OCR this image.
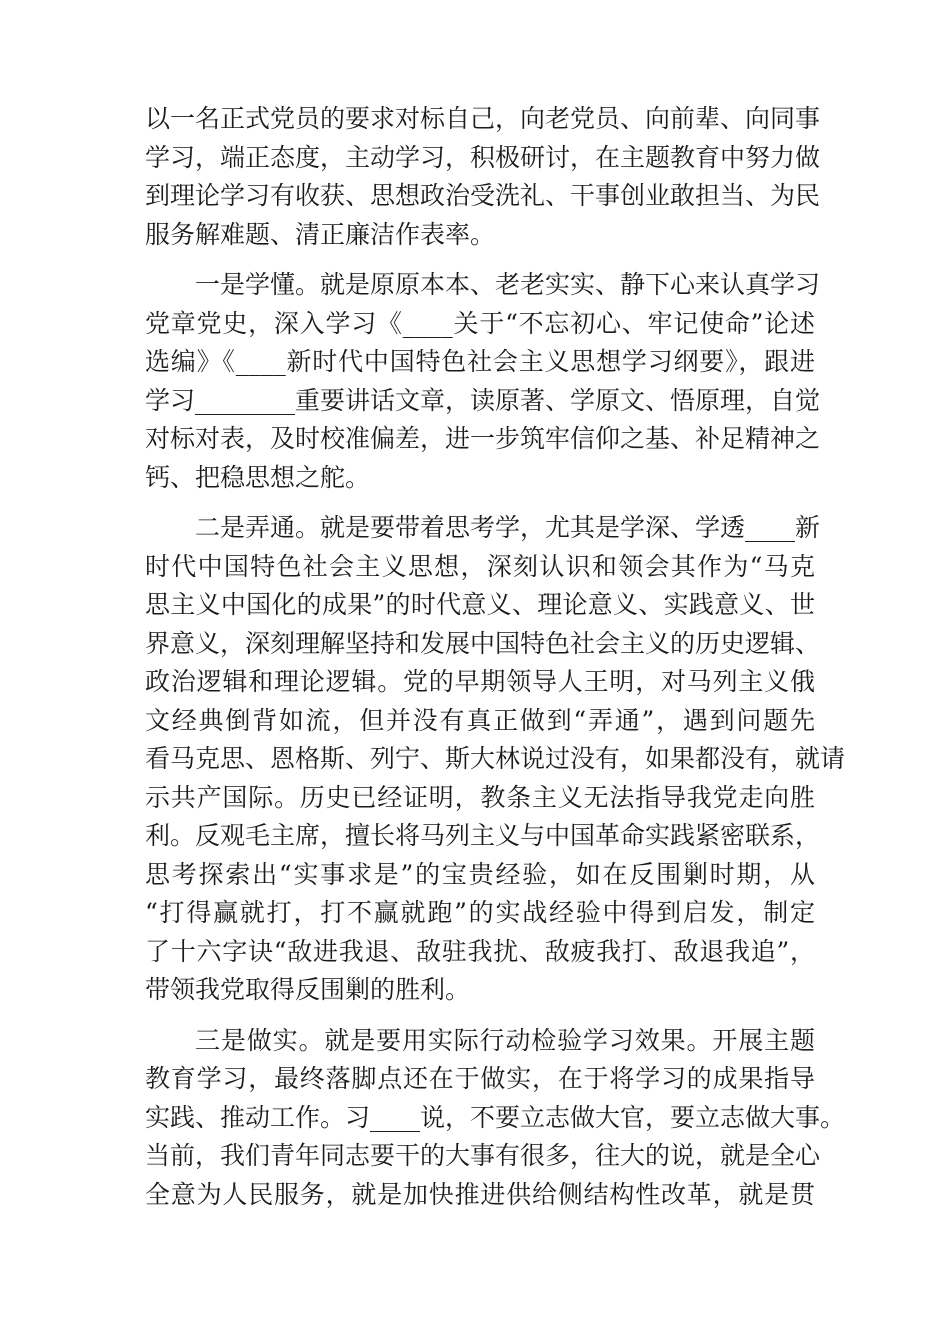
以一名正式党员的要求对标自己，向老党员、向前辈、向同事
学习，端正态度，主动学习，积极研讨，在主题教育中努力做
到理论学习有收获、思想政治受洗礼、干事创业敢担当、为民
服务解难题、清正廉洁作表率。
一是学懂。就是原原本本、老老实实、静下心来认真学习
党章党史，深入学习《____关于“不忘初心、牢记使命”论述
选编》《____新时代中国特色社会主义思想学习纲要》，跟进
学习________重要讲话文章，读原著、学原文、悟原理，自觉
对标对表，及时校准偏差，进一步筑牢信仰之基、补足精神之
钙、把稳思想之舵。
二是弄通。就是要带着思考学，尤其是学深、学透____新
时代中国特色社会主义思想，深刻认识和领会其作为“马克
思主义中国化的成果”的时代意义、理论意义、实践意义、世
界意义，深刻理解坚持和发展中国特色社会主义的历史逻辑、
政治逻辑和理论逻辑。党的早期领导人王明，对马列主义俄
文经典倒背如流，但并没有真正做到“弄通”，遇到问题先
看马克思、恩格斯、列宁、斯大林说过没有，如果都没有，就请
示共产国际。历史已经证明，教条主义无法指导我党走向胜
利。反观毛主席，擅长将马列主义与中国革命实践紧密联系，
思考探索出“实事求是”的宝贵经验，如在反围剿时期，从
“打得赢就打，打不赢就跑”的实战经验中得到启发，制定
了十六字诀“敌进我退、敌驻我扰、敌疲我打、敌退我追”，
带领我党取得反围剿的胜利。
三是做实。就是要用实际行动检验学习效果。开展主题
教育学习，最终落脚点还在于做实，在于将学习的成果指导
实践、推动工作。习____说，不要立志做大官，要立志做大事。
当前，我们青年同志要干的大事有很多，往大的说，就是全心
全意为人民服务，就是加快推进供给侧结构性改革，就是贯
